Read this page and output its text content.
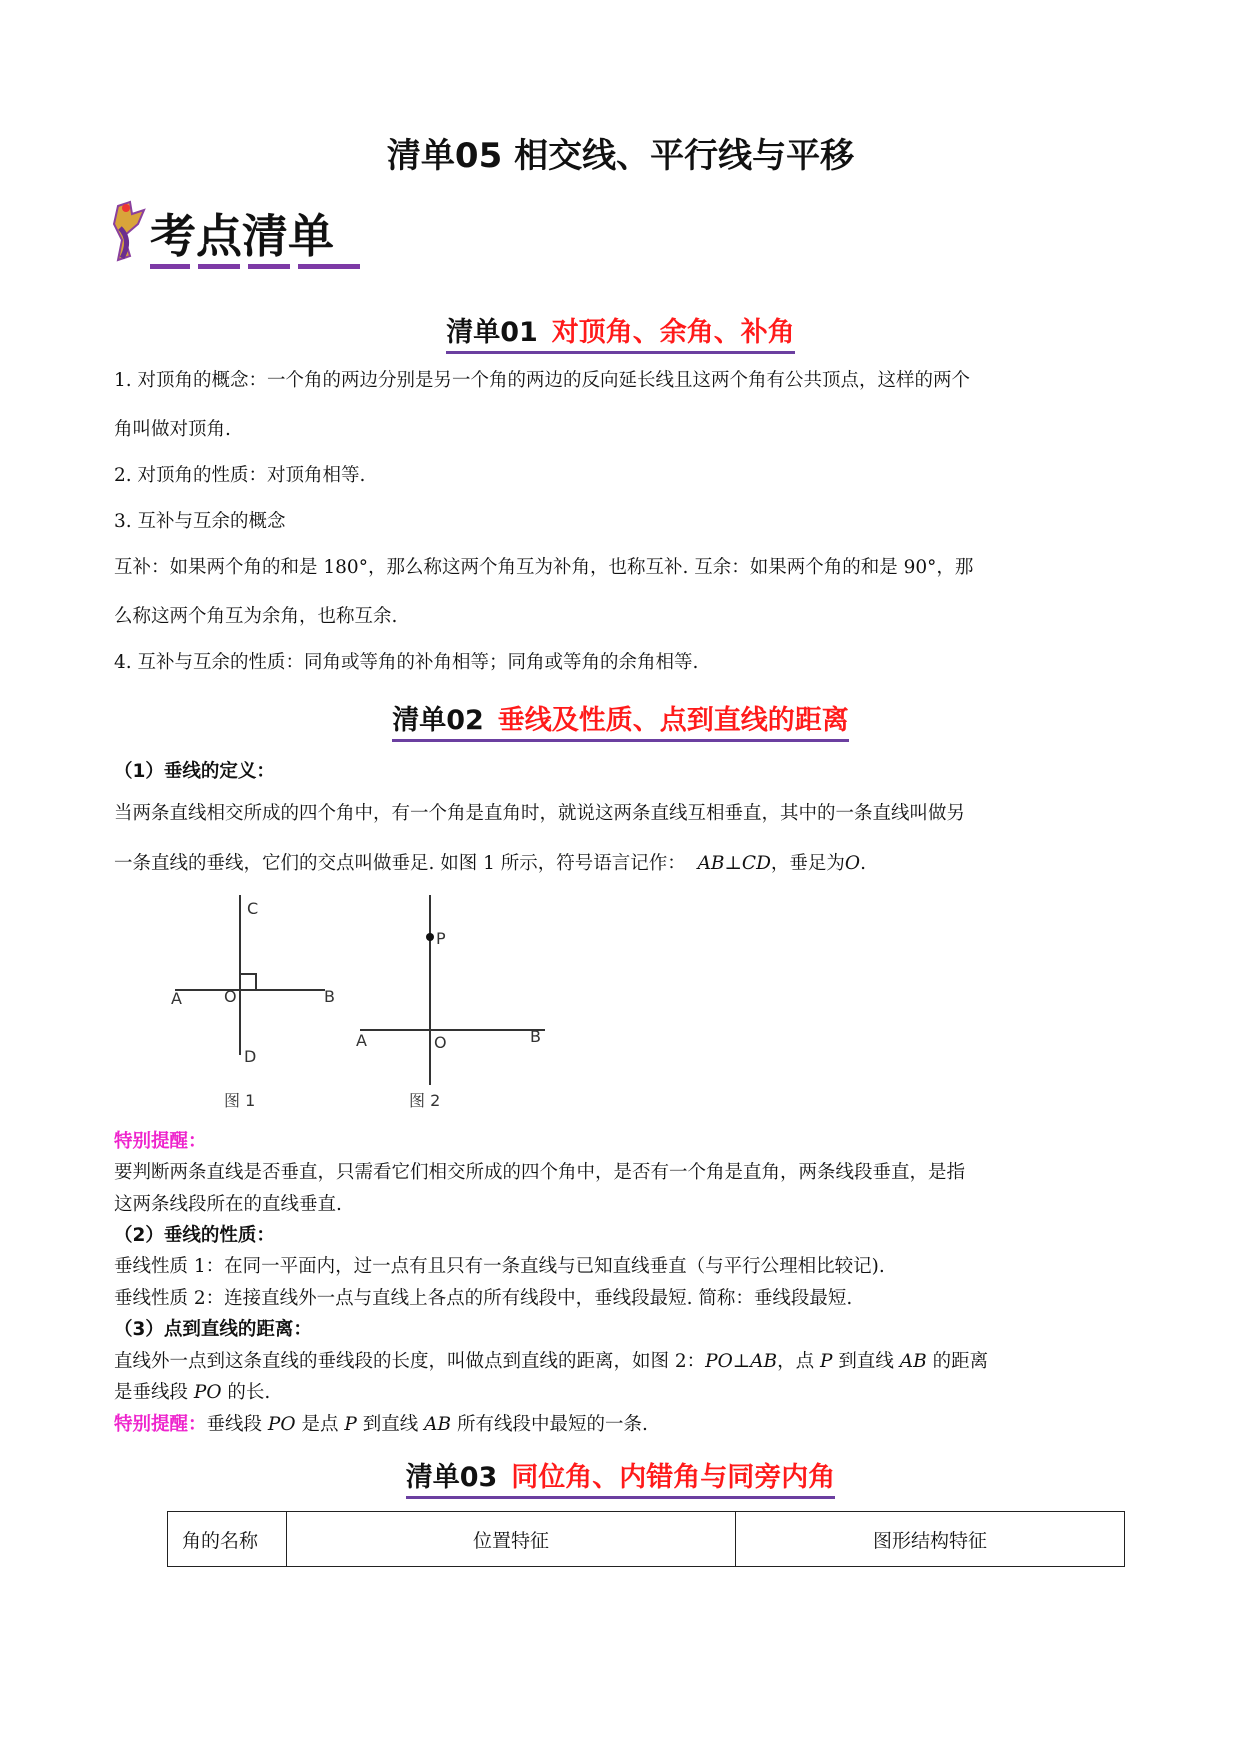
清单05 相交线、平行线与平移
考点清单
清单01 对顶角、余角、补角
1. 对顶角的概念：一个角的两边分别是另一个角的两边的反向延长线且这两个角有公共顶点，这样的两个
角叫做对顶角.
2. 对顶角的性质：对顶角相等.
3. 互补与互余的概念
互补：如果两个角的和是 180°，那么称这两个角互为补角，也称互补. 互余：如果两个角的和是 90°，那
么称这两个角互为余角，也称互余.
4. 互补与互余的性质：同角或等角的补角相等；同角或等角的余角相等.
清单02 垂线及性质、点到直线的距离
（1）垂线的定义：
当两条直线相交所成的四个角中，有一个角是直角时，就说这两条直线互相垂直，其中的一条直线叫做另
一条直线的垂线，它们的交点叫做垂足. 如图 1 所示，符号语言记作： AB⊥CD，垂足为O.
C
A	O	B
D
图 1
P
A	O	B
图 2
特别提醒：
要判断两条直线是否垂直，只需看它们相交所成的四个角中，是否有一个角是直角，两条线段垂直，是指
这两条线段所在的直线垂直.
（2）垂线的性质：
垂线性质 1：在同一平面内，过一点有且只有一条直线与已知直线垂直（与平行公理相比较记).
垂线性质 2：连接直线外一点与直线上各点的所有线段中，垂线段最短. 简称：垂线段最短.
（3）点到直线的距离：
直线外一点到这条直线的垂线段的长度，叫做点到直线的距离，如图 2：PO⊥AB，点 P 到直线 AB 的距离
是垂线段 PO 的长.
特别提醒：垂线段 PO 是点 P 到直线 AB 所有线段中最短的一条.
清单03 同位角、内错角与同旁内角
角的名称	位置特征	图形结构特征
